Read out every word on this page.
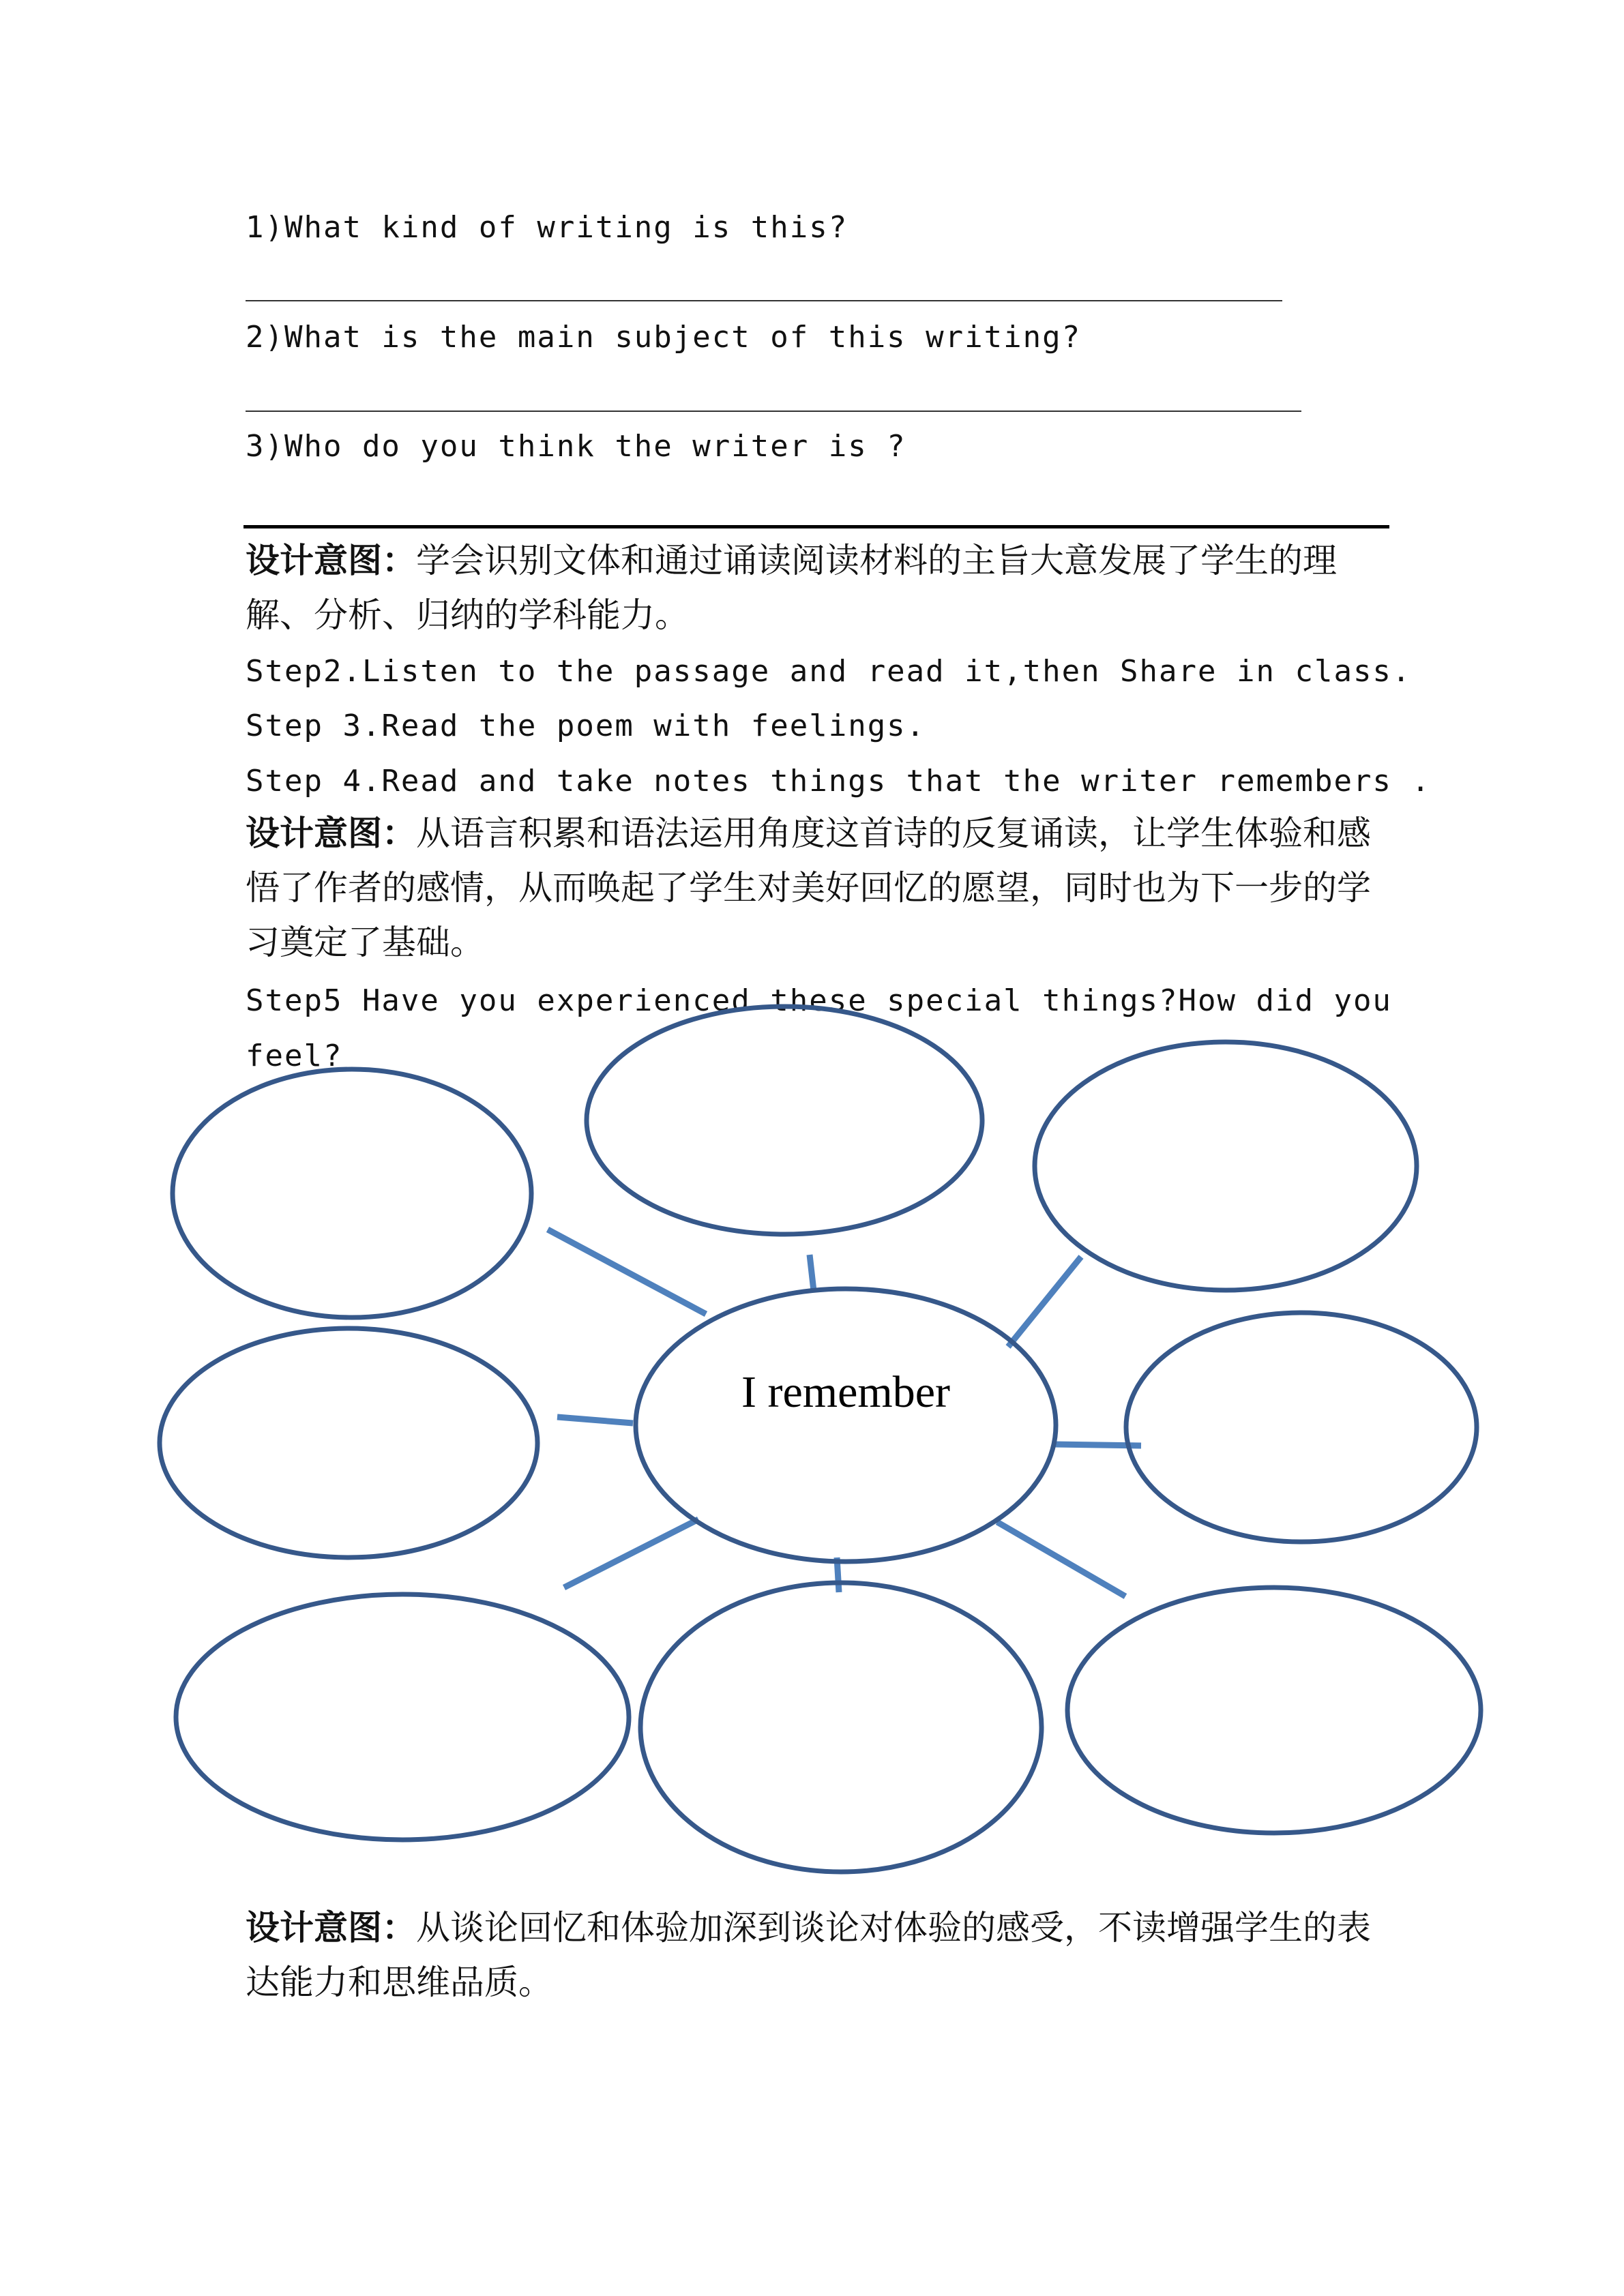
1)What kind of writing is this?
2)What is the main subject of this writing?
3)Who do you think the writer is ?
设计意图：学会识别文体和通过诵读阅读材料的主旨大意发展了学生的理解、分析、归纳的学科能力。
Step2.Listen to the passage and read it,then Share in class.
Step 3.Read the poem with feelings.
Step 4.Read and take notes things that the writer remembers .
设计意图：从语言积累和语法运用角度这首诗的反复诵读，让学生体验和感悟了作者的感情，从而唤起了学生对美好回忆的愿望，同时也为下一步的学习奠定了基础。
Step5 Have you experienced these special things?How did you
feel?
I remember
设计意图：从谈论回忆和体验加深到谈论对体验的感受，不读增强学生的表达能力和思维品质。
